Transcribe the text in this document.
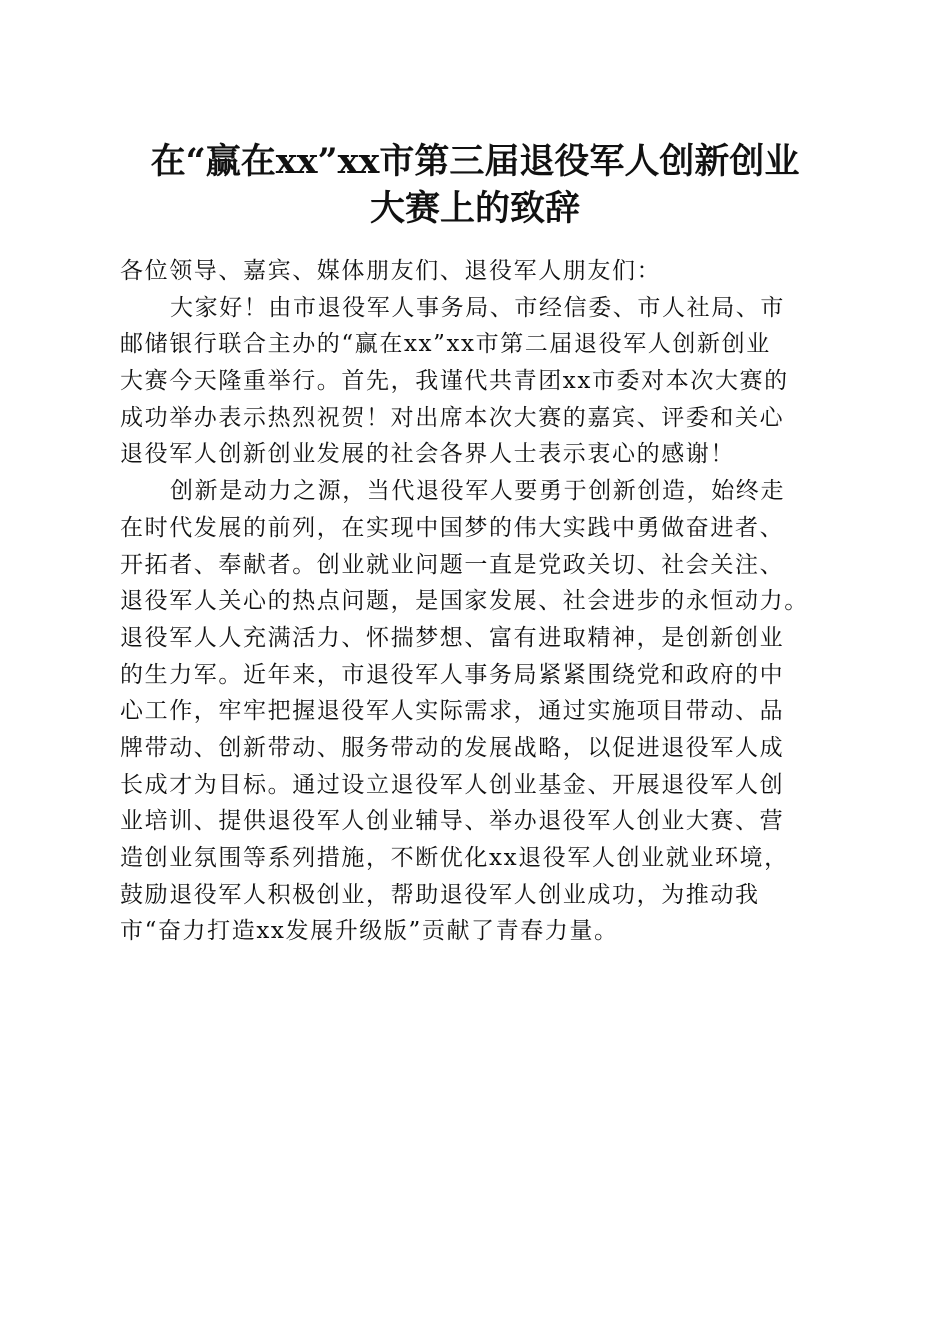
在“赢在xx”xx市第三届退役军人创新创业
大赛上的致辞
各位领导、嘉宾、媒体朋友们、退役军人朋友们：
大家好！由市退役军人事务局、市经信委、市人社局、市
邮储银行联合主办的“赢在xx”xx市第二届退役军人创新创业
大赛今天隆重举行。首先，我谨代共青团xx市委对本次大赛的
成功举办表示热烈祝贺！对出席本次大赛的嘉宾、评委和关心
退役军人创新创业发展的社会各界人士表示衷心的感谢！
创新是动力之源，当代退役军人要勇于创新创造，始终走
在时代发展的前列，在实现中国梦的伟大实践中勇做奋进者、
开拓者、奉献者。创业就业问题一直是党政关切、社会关注、
退役军人关心的热点问题，是国家发展、社会进步的永恒动力。
退役军人人充满活力、怀揣梦想、富有进取精神，是创新创业
的生力军。近年来，市退役军人事务局紧紧围绕党和政府的中
心工作，牢牢把握退役军人实际需求，通过实施项目带动、品
牌带动、创新带动、服务带动的发展战略，以促进退役军人成
长成才为目标。通过设立退役军人创业基金、开展退役军人创
业培训、提供退役军人创业辅导、举办退役军人创业大赛、营
造创业氛围等系列措施，不断优化xx退役军人创业就业环境，
鼓励退役军人积极创业，帮助退役军人创业成功，为推动我
市“奋力打造xx发展升级版”贡献了青春力量。
